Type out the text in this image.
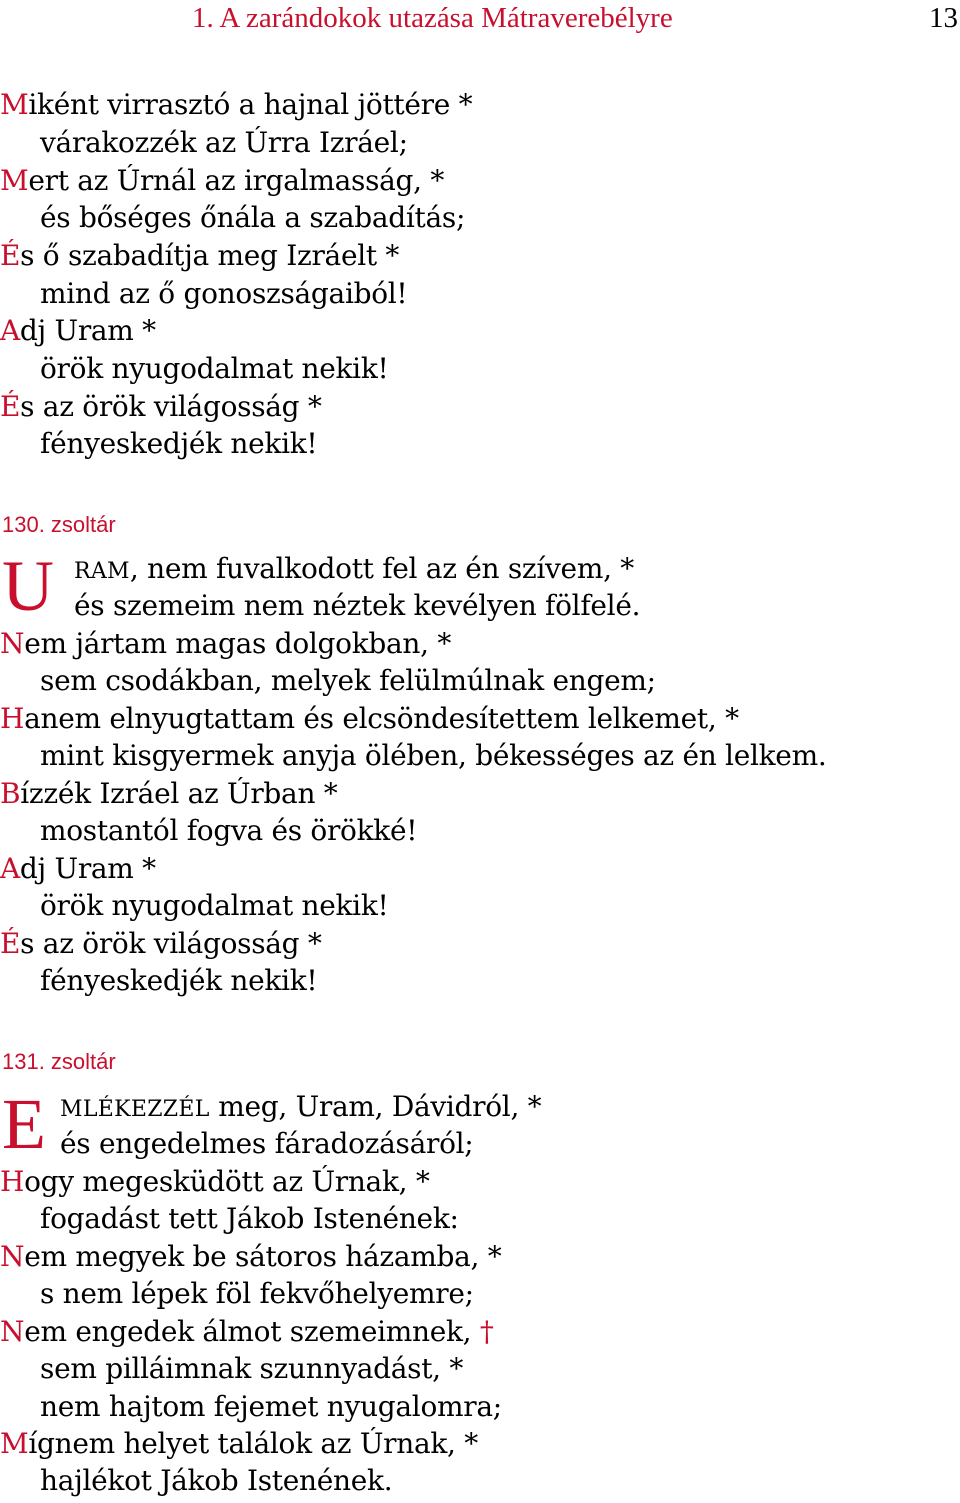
1. A zarándokok utazása Mátraverebélyre	13
Miként virrasztó a hajnal jöttére *
várakozzék az Úrra Izráel;
Mert az Úrnál az irgalmasság, *
és bőséges őnála a szabadítás;
És ő szabadítja meg Izráelt *
mind az ő gonoszságaiból!
Adj Uram *
örök nyugodalmat nekik!
És az örök világosság *
fényeskedjék nekik!
130. zsoltár
U RAM, nem fuvalkodott fel az én szívem, *
és szemeim nem néztek kevélyen fölfelé.
Nem jártam magas dolgokban, *
sem csodákban, melyek felülmúlnak engem;
Hanem elnyugtattam és elcsöndesítettem lelkemet, *
mint kisgyermek anyja ölében, békességes az én lelkem.
Bízzék Izráel az Úrban *
mostantól fogva és örökké!
Adj Uram *
örök nyugodalmat nekik!
És az örök világosság *
fényeskedjék nekik!
131. zsoltár
E MLÉKEZZÉL meg, Uram, Dávidról, *
és engedelmes fáradozásáról;
Hogy megesküdött az Úrnak, *
fogadást tett Jákob Istenének:
Nem megyek be sátoros házamba, *
s nem lépek föl fekvőhelyemre;
Nem engedek álmot szemeimnek, †
sem pilláimnak szunnyadást, *
nem hajtom fejemet nyugalomra;
Mígnem helyet találok az Úrnak, *
hajlékot Jákob Istenének.
